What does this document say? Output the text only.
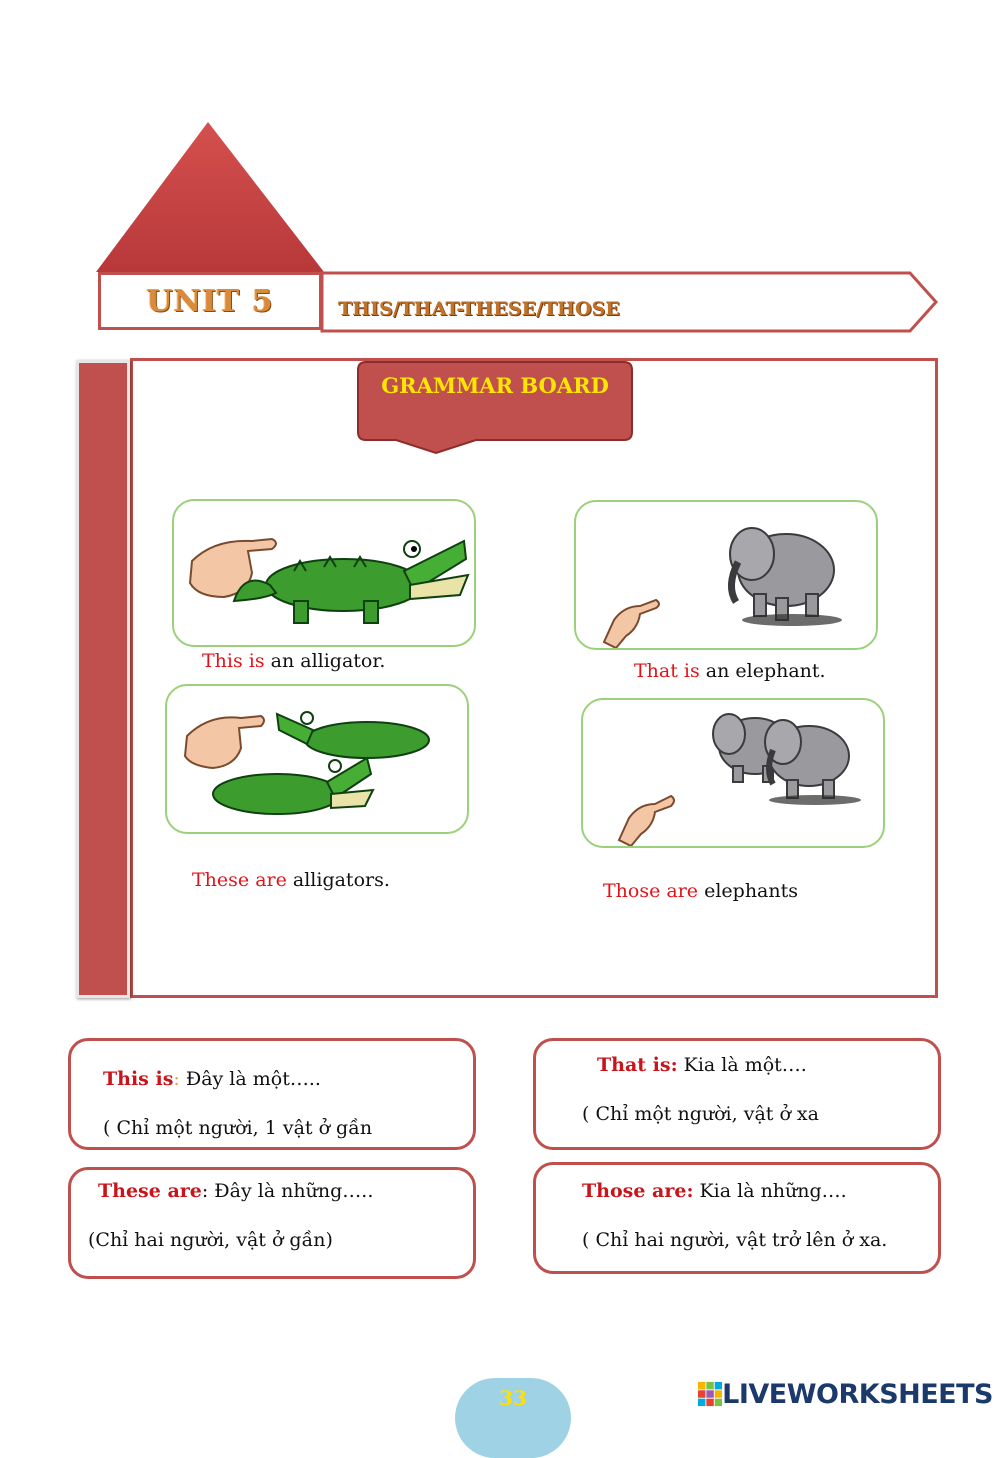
UNIT 5	THIS/THAT-THESE/THOSE
GRAMMAR BOARD
This is an alligator.	That is an elephant.
These are alligators.	Those are elephants
This is: Đây là một…..
( Chỉ một người, 1 vật ở gần
That is: Kia là một….
( Chỉ một người, vật ở xa
These are: Đây là những…..
(Chỉ hai người, vật ở gần)
Those are: Kia là những….
( Chỉ hai người, vật trở lên ở xa.
33	LIVEWORKSHEETS
